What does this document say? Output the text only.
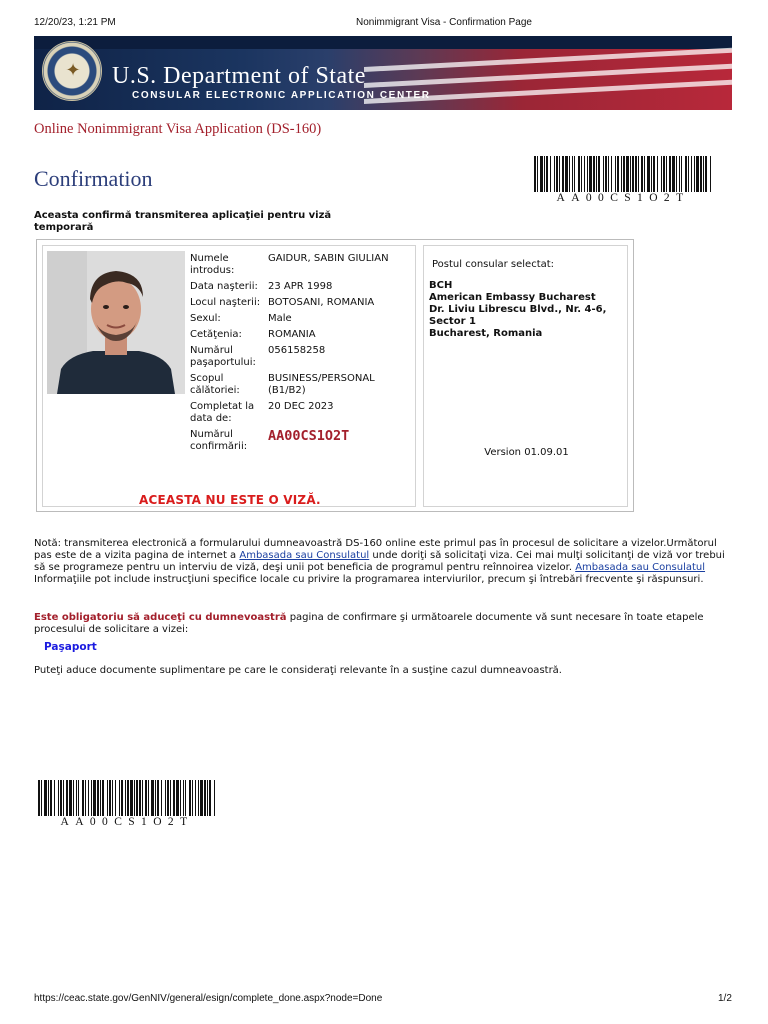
12/20/23, 1:21 PM	Nonimmigrant Visa - Confirmation Page
✦ U.S. Department of State
CONSULAR ELECTRONIC APPLICATION CENTER
Online Nonimmigrant Visa Application (DS-160)
Confirmation
AA00CS1O2T
Aceasta confirmă transmiterea aplicaţiei pentru viză temporară
Numele introdus:
GAIDUR, SABIN GIULIAN
Data naşterii:	23 APR 1998
Locul naşterii: BOTOSANI, ROMANIA
Sexul:	Male
Cetăţenia:	ROMANIA
Numărul paşaportului:
056158258
Scopul călătoriei:
BUSINESS/PERSONAL (B1/B2)
Completat la data de:
20 DEC 2023
Numărul confirmării:
AA00CS1O2T
ACEASTA NU ESTE O VIZĂ.
Postul consular selectat:
BCH
American Embassy Bucharest
Dr. Liviu Librescu Blvd., Nr. 4-6, Sector 1
Bucharest, Romania
Version 01.09.01
Notă: transmiterea electronică a formularului dumneavoastră DS-160 online este primul pas în procesul de solicitare a vizelor.Următorul pas este de a vizita pagina de internet a Ambasada sau Consulatul unde doriţi să solicitaţi viza. Cei mai mulţi solicitanţi de viză vor trebui să se programeze pentru un interviu de viză, deşi unii pot beneficia de programul pentru reînnoirea vizelor. Ambasada sau Consulatul Informaţiile pot include instrucţiuni specifice locale cu privire la programarea interviurilor, precum şi întrebări frecvente şi răspunsuri.
Este obligatoriu să aduceţi cu dumnevoastră pagina de confirmare şi următoarele documente vă sunt necesare în toate etapele procesului de solicitare a vizei:
Paşaport
Puteţi aduce documente suplimentare pe care le consideraţi relevante în a susţine cazul dumneavoastră.
AA00CS1O2T
https://ceac.state.gov/GenNIV/general/esign/complete_done.aspx?node=Done	1/2
